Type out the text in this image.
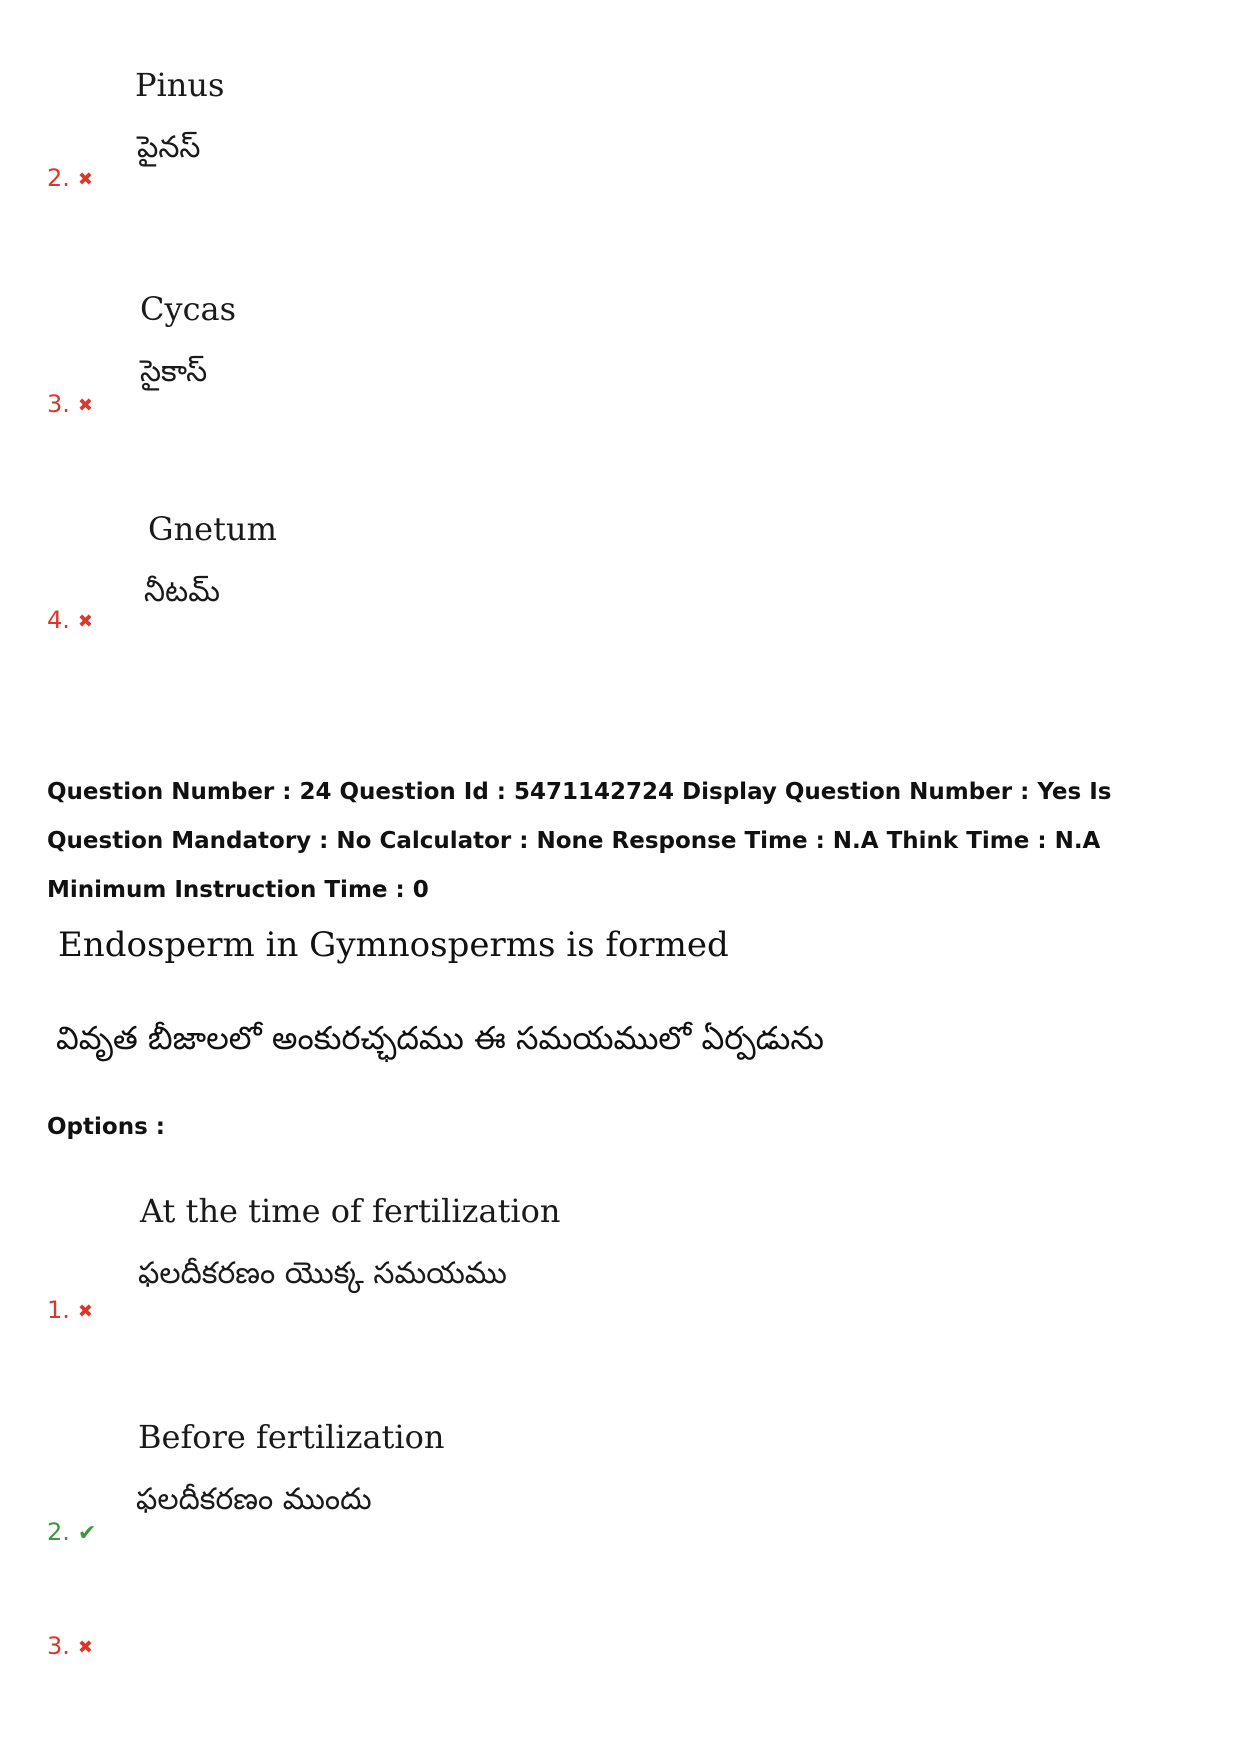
Pinus
పైనస్
2. ✖
Cycas
సైకాస్
3. ✖
Gnetum
నీటమ్
4. ✖
Question Number : 24 Question Id : 5471142724 Display Question Number : Yes Is Question Mandatory : No Calculator : None Response Time : N.A Think Time : N.A Minimum Instruction Time : 0
Endosperm in Gymnosperms is formed
వివృత బీజాలలో అంకురచ్ఛదము ఈ సమయములో ఏర్పడును
Options :
At the time of fertilization
ఫలదీకరణం యొక్క సమయము
1. ✖
Before fertilization
ఫలదీకరణం ముందు
2. ✔
3. ✖
